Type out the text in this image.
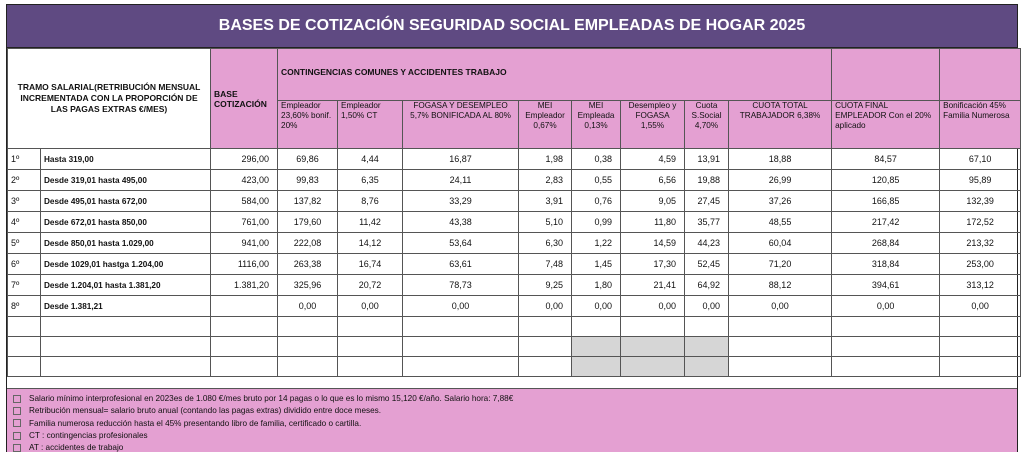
BASES DE COTIZACIÓN SEGURIDAD SOCIAL EMPLEADAS DE HOGAR 2025
TRAMO SALARIAL(RETRIBUCIÓN MENSUAL INCREMENTADA CON LA PROPORCIÓN DE LAS PAGAS EXTRAS €/MES)		BASE COTIZACIÓN	CONTINGENCIAS COMUNES Y ACCIDENTES TRABAJO									
			Empleador 23,60% bonif. 20%	Empleador 1,50% CT	FOGASA Y DESEMPLEO 5,7% BONIFICADA AL 80%	MEI Empleador 0,67%	MEI Empleada 0,13%	Desempleo y FOGASA 1,55%	Cuota S.Social 4,70%	CUOTA TOTAL TRABAJADOR 6,38%	CUOTA FINAL EMPLEADOR Con el 20% aplicado	Bonificación 45% Familia Numerosa
1º	Hasta 319,00	296,00	69,86	4,44	16,87	1,98	0,38	4,59	13,91	18,88	84,57	67,10
2º	Desde 319,01 hasta 495,00	423,00	99,83	6,35	24,11	2,83	0,55	6,56	19,88	26,99	120,85	95,89
3º	Desde 495,01 hasta 672,00	584,00	137,82	8,76	33,29	3,91	0,76	9,05	27,45	37,26	166,85	132,39
4º	Desde 672,01 hasta 850,00	761,00	179,60	11,42	43,38	5,10	0,99	11,80	35,77	48,55	217,42	172,52
5º	Desde 850,01 hasta 1.029,00	941,00	222,08	14,12	53,64	6,30	1,22	14,59	44,23	60,04	268,84	213,32
6º	Desde 1029,01 hastga 1.204,00	1116,00	263,38	16,74	63,61	7,48	1,45	17,30	52,45	71,20	318,84	253,00
7º	Desde 1.204,01 hasta 1.381,20	1.381,20	325,96	20,72	78,73	9,25	1,80	21,41	64,92	88,12	394,61	313,12
8º	Desde 1.381,21		0,00	0,00	0,00	0,00	0,00	0,00	0,00	0,00	0,00	0,00

Salario mínimo interprofesional en 2023es de 1.080 €/mes bruto por 14 pagas o lo que es lo mismo 15,120 €/año. Salario hora: 7,88€
Retribución mensual= salario bruto anual (contando las pagas extras) dividido entre doce meses.
Familia numerosa reducción hasta el 45% presentando libro de familia, certificado o cartilla.
CT : contingencias profesionales
AT : accidentes de trabajo
